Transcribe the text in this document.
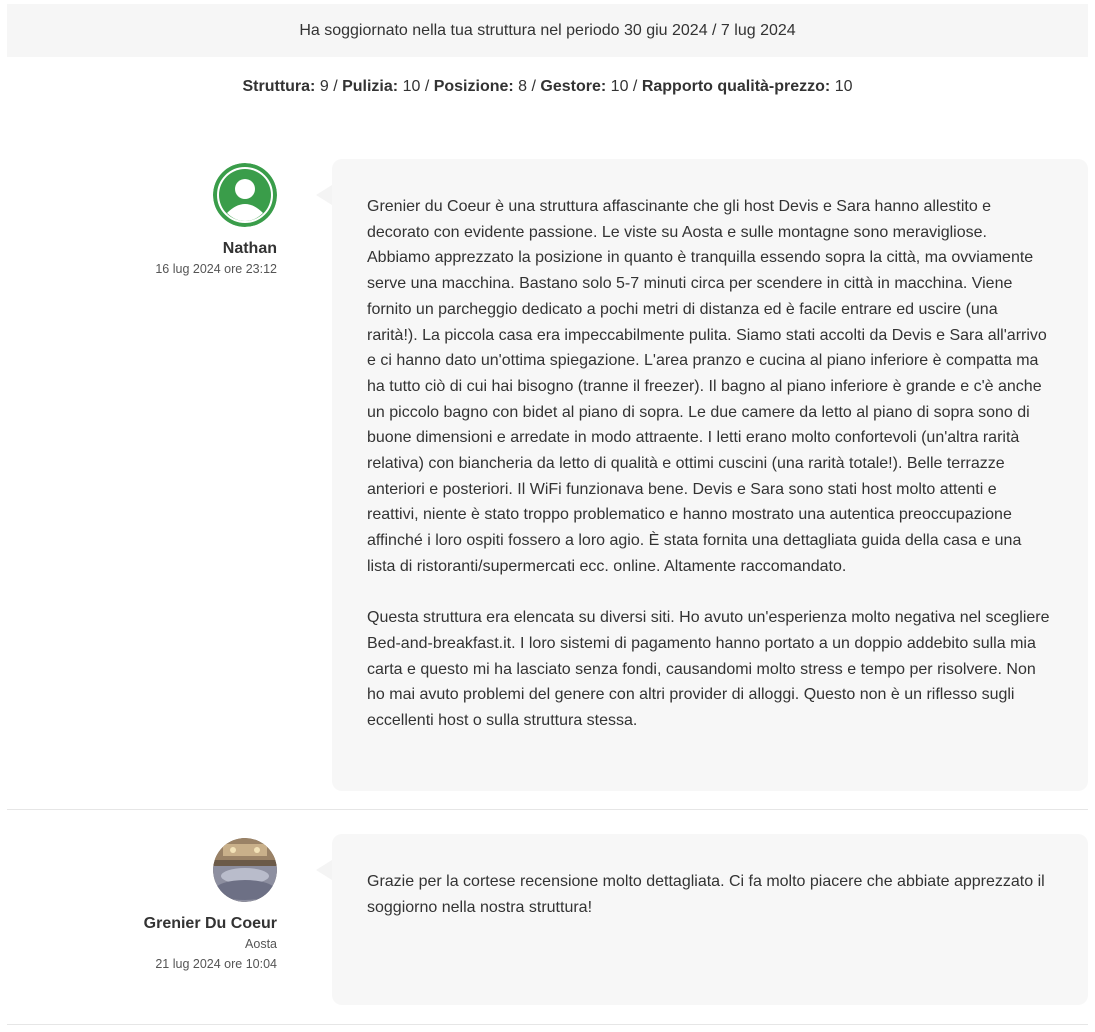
Ha soggiornato nella tua struttura nel periodo 30 giu 2024 / 7 lug 2024
Struttura: 9 / Pulizia: 10 / Posizione: 8 / Gestore: 10 / Rapporto qualità-prezzo: 10
Nathan
16 lug 2024 ore 23:12

Grenier du Coeur è una struttura affascinante che gli host Devis e Sara hanno allestito e decorato con evidente passione. Le viste su Aosta e sulle montagne sono meravigliose. Abbiamo apprezzato la posizione in quanto è tranquilla essendo sopra la città, ma ovviamente serve una macchina. Bastano solo 5-7 minuti circa per scendere in città in macchina. Viene fornito un parcheggio dedicato a pochi metri di distanza ed è facile entrare ed uscire (una rarità!). La piccola casa era impeccabilmente pulita. Siamo stati accolti da Devis e Sara all'arrivo e ci hanno dato un'ottima spiegazione. L'area pranzo e cucina al piano inferiore è compatta ma ha tutto ciò di cui hai bisogno (tranne il freezer). Il bagno al piano inferiore è grande e c'è anche un piccolo bagno con bidet al piano di sopra. Le due camere da letto al piano di sopra sono di buone dimensioni e arredate in modo attraente. I letti erano molto confortevoli (un'altra rarità relativa) con biancheria da letto di qualità e ottimi cuscini (una rarità totale!). Belle terrazze anteriori e posteriori. Il WiFi funzionava bene. Devis e Sara sono stati host molto attenti e reattivi, niente è stato troppo problematico e hanno mostrato una autentica preoccupazione affinché i loro ospiti fossero a loro agio. È stata fornita una dettagliata guida della casa e una lista di ristoranti/supermercati ecc. online. Altamente raccomandato.

Questa struttura era elencata su diversi siti. Ho avuto un'esperienza molto negativa nel scegliere Bed-and-breakfast.it. I loro sistemi di pagamento hanno portato a un doppio addebito sulla mia carta e questo mi ha lasciato senza fondi, causandomi molto stress e tempo per risolvere. Non ho mai avuto problemi del genere con altri provider di alloggi. Questo non è un riflesso sugli eccellenti host o sulla struttura stessa.

Grenier Du Coeur
Aosta
21 lug 2024 ore 10:04

Grazie per la cortese recensione molto dettagliata. Ci fa molto piacere che abbiate apprezzato il soggiorno nella nostra struttura!
